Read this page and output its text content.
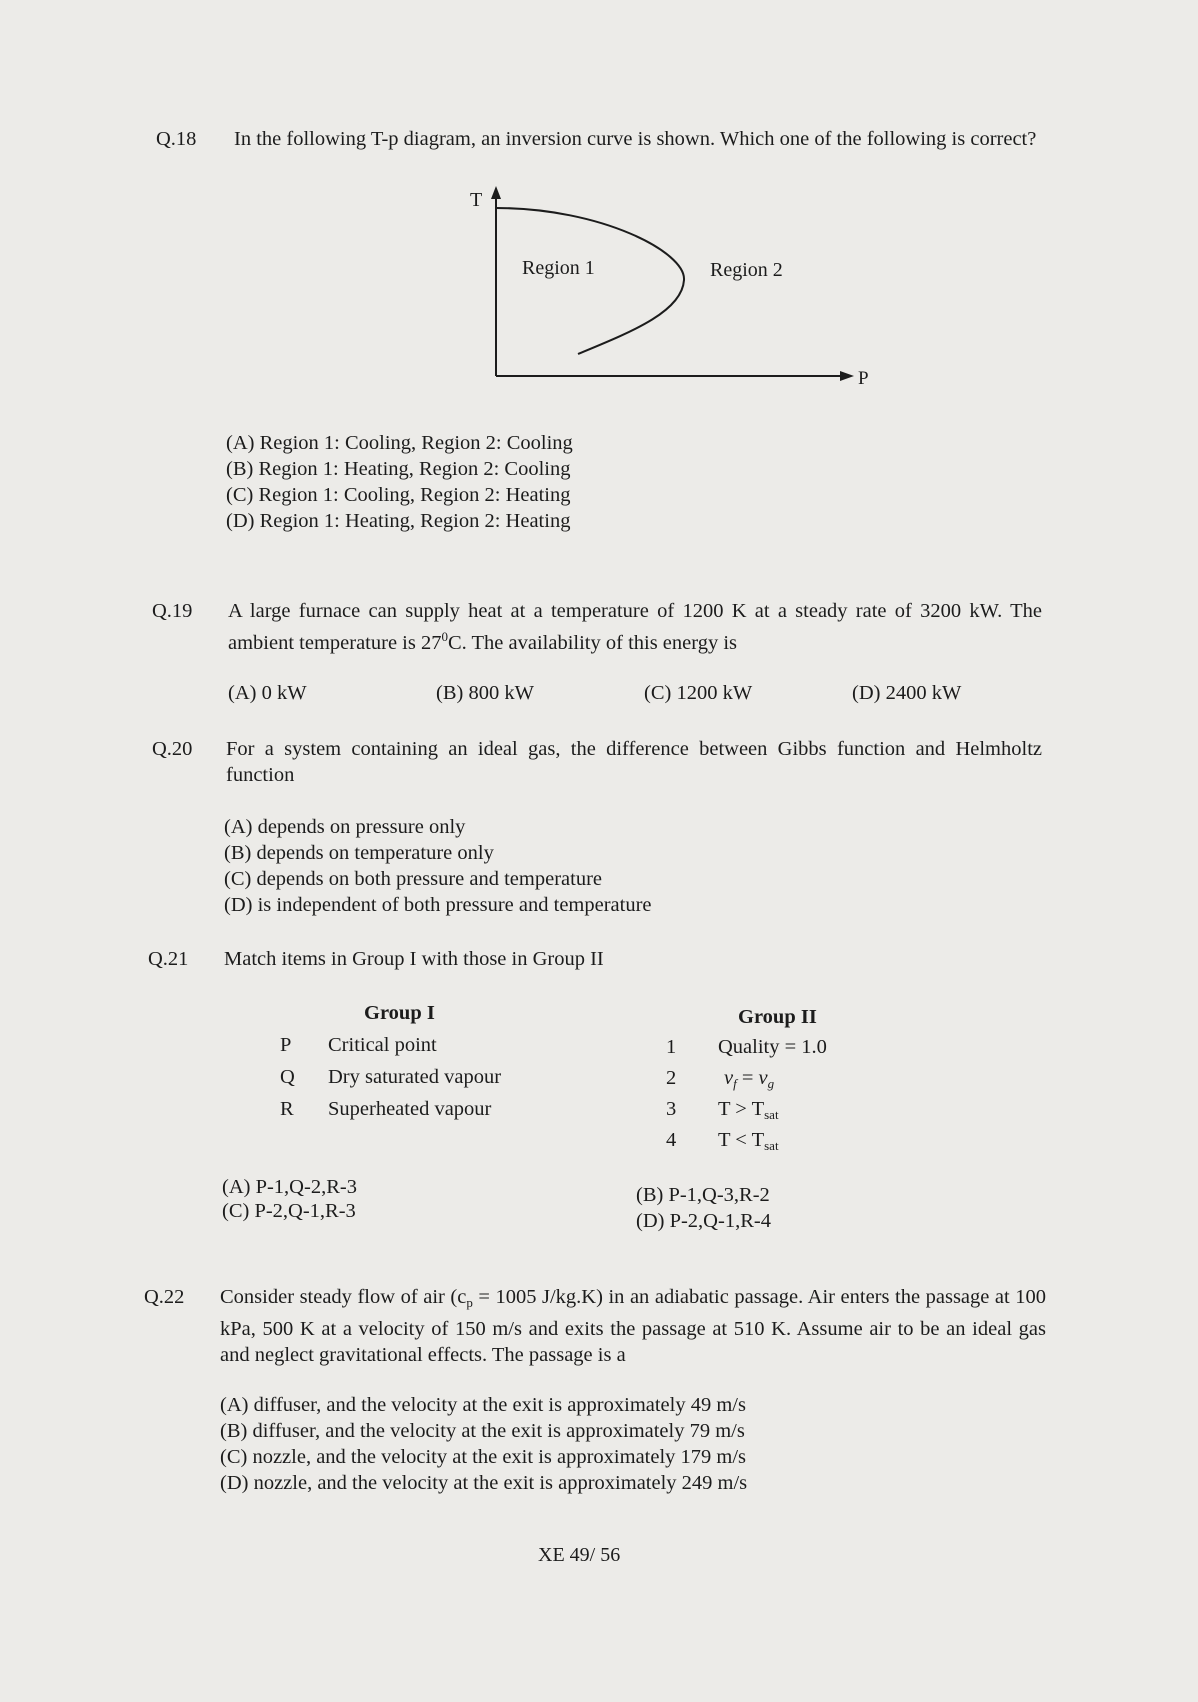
Q.18 In the following T-p diagram, an inversion curve is shown. Which one of the following is correct?
T
P
Region 1	Region 2
(A) Region 1: Cooling, Region 2: Cooling
(B) Region 1: Heating, Region 2: Cooling
(C) Region 1: Cooling, Region 2: Heating
(D) Region 1: Heating, Region 2: Heating
Q.19 A large furnace can supply heat at a temperature of 1200 K at a steady rate of 3200 kW. The ambient temperature is $27^0C$. The availability of this energy is
(A) 0 kW	(B) 800 kW	(C) 1200 kW	(D) 2400 kW
Q.20 For a system containing an ideal gas, the difference between Gibbs function and Helmholtz function
(A) depends on pressure only
(B) depends on temperature only
(C) depends on both pressure and temperature
(D) is independent of both pressure and temperature
Q.21 Match items in Group I with those in Group II
Group I	Group II
P Critical point
Q Dry saturated vapour
R Superheated vapour
1 Quality = 1.0
2 $v_f = v_g$
3 $T > T_{sat}$
4 $T < T_{sat}$
(A) P-1,Q-2,R-3
(C) P-2,Q-1,R-3
(B) P-1,Q-3,R-2
(D) P-2,Q-1,R-4
Q.22 Consider steady flow of air ($c_p = 1005$ J/kg.K) in an adiabatic passage. Air enters the passage at 100 kPa, 500 K at a velocity of 150 m/s and exits the passage at 510 K. Assume air to be an ideal gas and neglect gravitational effects. The passage is a
(A) diffuser, and the velocity at the exit is approximately 49 m/s
(B) diffuser, and the velocity at the exit is approximately 79 m/s
(C) nozzle, and the velocity at the exit is approximately 179 m/s
(D) nozzle, and the velocity at the exit is approximately 249 m/s
XE 49/ 56
